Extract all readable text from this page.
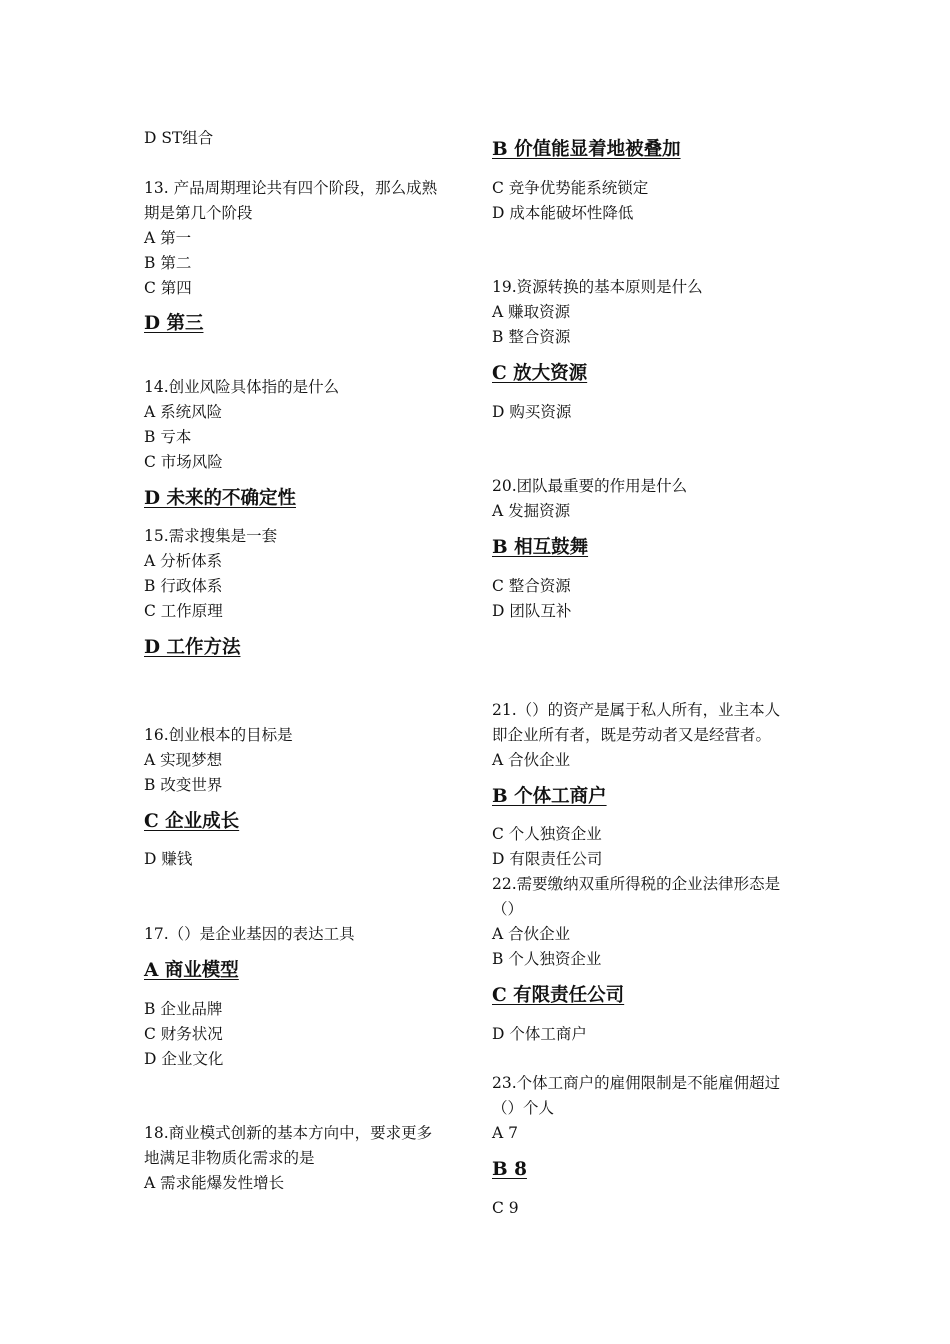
D ST组合
13. 产品周期理论共有四个阶段，那么成熟
期是第几个阶段
A 第一
B 第二
C 第四
D 第三
14.创业风险具体指的是什么
A 系统风险
B 亏本
C 市场风险
D 未来的不确定性
15.需求搜集是一套
A 分析体系
B 行政体系
C 工作原理
D 工作方法
16.创业根本的目标是
A 实现梦想
B 改变世界
C 企业成长
D 赚钱
17.（）是企业基因的表达工具
A 商业模型
B 企业品牌
C 财务状况
D 企业文化
18.商业模式创新的基本方向中，要求更多
地满足非物质化需求的是
A 需求能爆发性增长
B 价值能显着地被叠加
C 竞争优势能系统锁定
D 成本能破坏性降低
19.资源转换的基本原则是什么
A 赚取资源
B 整合资源
C 放大资源
D 购买资源
20.团队最重要的作用是什么
A 发掘资源
B 相互鼓舞
C 整合资源
D 团队互补
21.（）的资产是属于私人所有，业主本人
即企业所有者，既是劳动者又是经营者。
A 合伙企业
B 个体工商户
C 个人独资企业
D 有限责任公司
22.需要缴纳双重所得税的企业法律形态是
（）
A 合伙企业
B 个人独资企业
C 有限责任公司
D 个体工商户
23.个体工商户的雇佣限制是不能雇佣超过
（）个人
A 7
B 8
C 9
